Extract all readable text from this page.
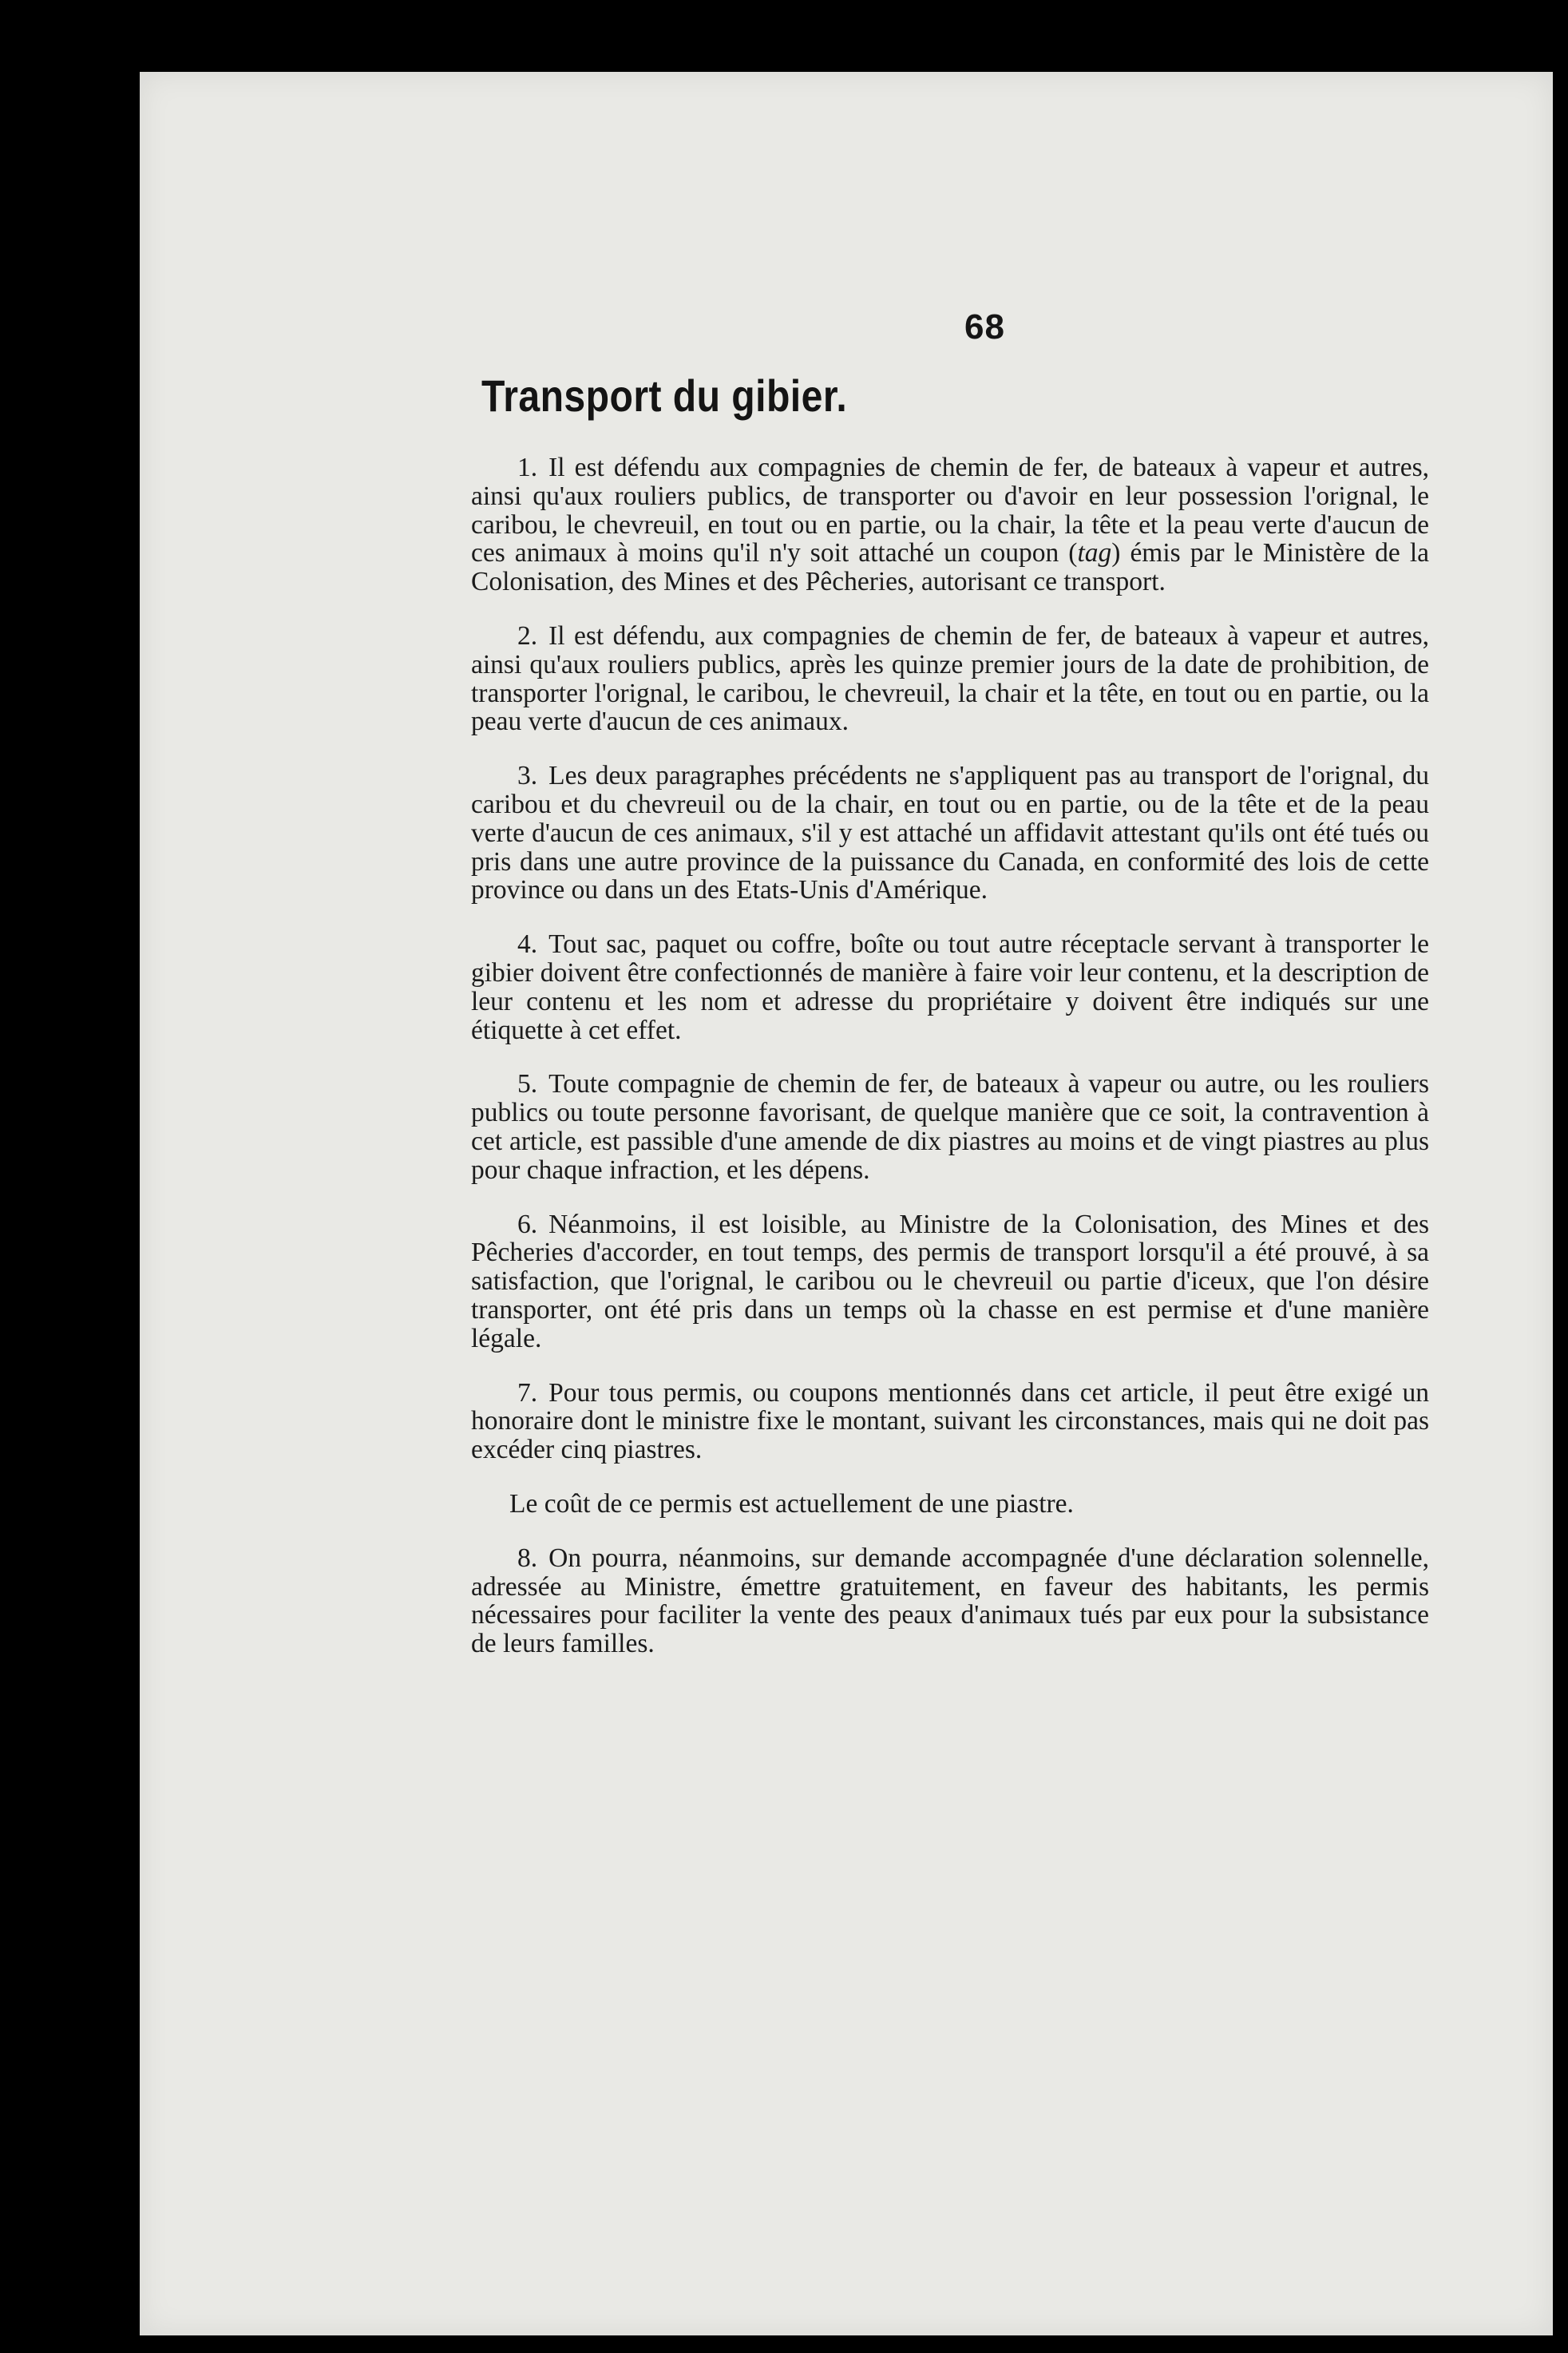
68
Transport du gibier.

1. Il est défendu aux compagnies de chemin de fer, de bateaux à vapeur et autres, ainsi qu'aux rouliers publics, de transporter ou d'avoir en leur possession l'orignal, le caribou, le chevreuil, en tout ou en partie, ou la chair, la tête et la peau verte d'aucun de ces animaux à moins qu'il n'y soit attaché un coupon (tag) émis par le Ministère de la Colonisation, des Mines et des Pêcheries, autorisant ce transport.

2. Il est défendu, aux compagnies de chemin de fer, de bateaux à vapeur et autres, ainsi qu'aux rouliers publics, après les quinze premier jours de la date de prohibition, de transporter l'orignal, le caribou, le chevreuil, la chair et la tête, en tout ou en partie, ou la peau verte d'aucun de ces animaux.

3. Les deux paragraphes précédents ne s'appliquent pas au transport de l'orignal, du caribou et du chevreuil ou de la chair, en tout ou en partie, ou de la tête et de la peau verte d'aucun de ces animaux, s'il y est attaché un affidavit attestant qu'ils ont été tués ou pris dans une autre province de la puissance du Canada, en conformité des lois de cette province ou dans un des Etats-Unis d'Amérique.

4. Tout sac, paquet ou coffre, boîte ou tout autre réceptacle servant à transporter le gibier doivent être confectionnés de manière à faire voir leur contenu, et la description de leur contenu et les nom et adresse du propriétaire y doivent être indiqués sur une étiquette à cet effet.

5. Toute compagnie de chemin de fer, de bateaux à vapeur ou autre, ou les rouliers publics ou toute personne favorisant, de quelque manière que ce soit, la contravention à cet article, est passible d'une amende de dix piastres au moins et de vingt piastres au plus pour chaque infraction, et les dépens.

6. Néanmoins, il est loisible, au Ministre de la Colonisation, des Mines et des Pêcheries d'accorder, en tout temps, des permis de transport lorsqu'il a été prouvé, à sa satisfaction, que l'orignal, le caribou ou le chevreuil ou partie d'iceux, que l'on désire transporter, ont été pris dans un temps où la chasse en est permise et d'une manière légale.

7. Pour tous permis, ou coupons mentionnés dans cet article, il peut être exigé un honoraire dont le ministre fixe le montant, suivant les circonstances, mais qui ne doit pas excéder cinq piastres.

Le coût de ce permis est actuellement de une piastre.

8. On pourra, néanmoins, sur demande accompagnée d'une déclaration solennelle, adressée au Ministre, émettre gratuitement, en faveur des habitants, les permis nécessaires pour faciliter la vente des peaux d'animaux tués par eux pour la subsistance de leurs familles.
